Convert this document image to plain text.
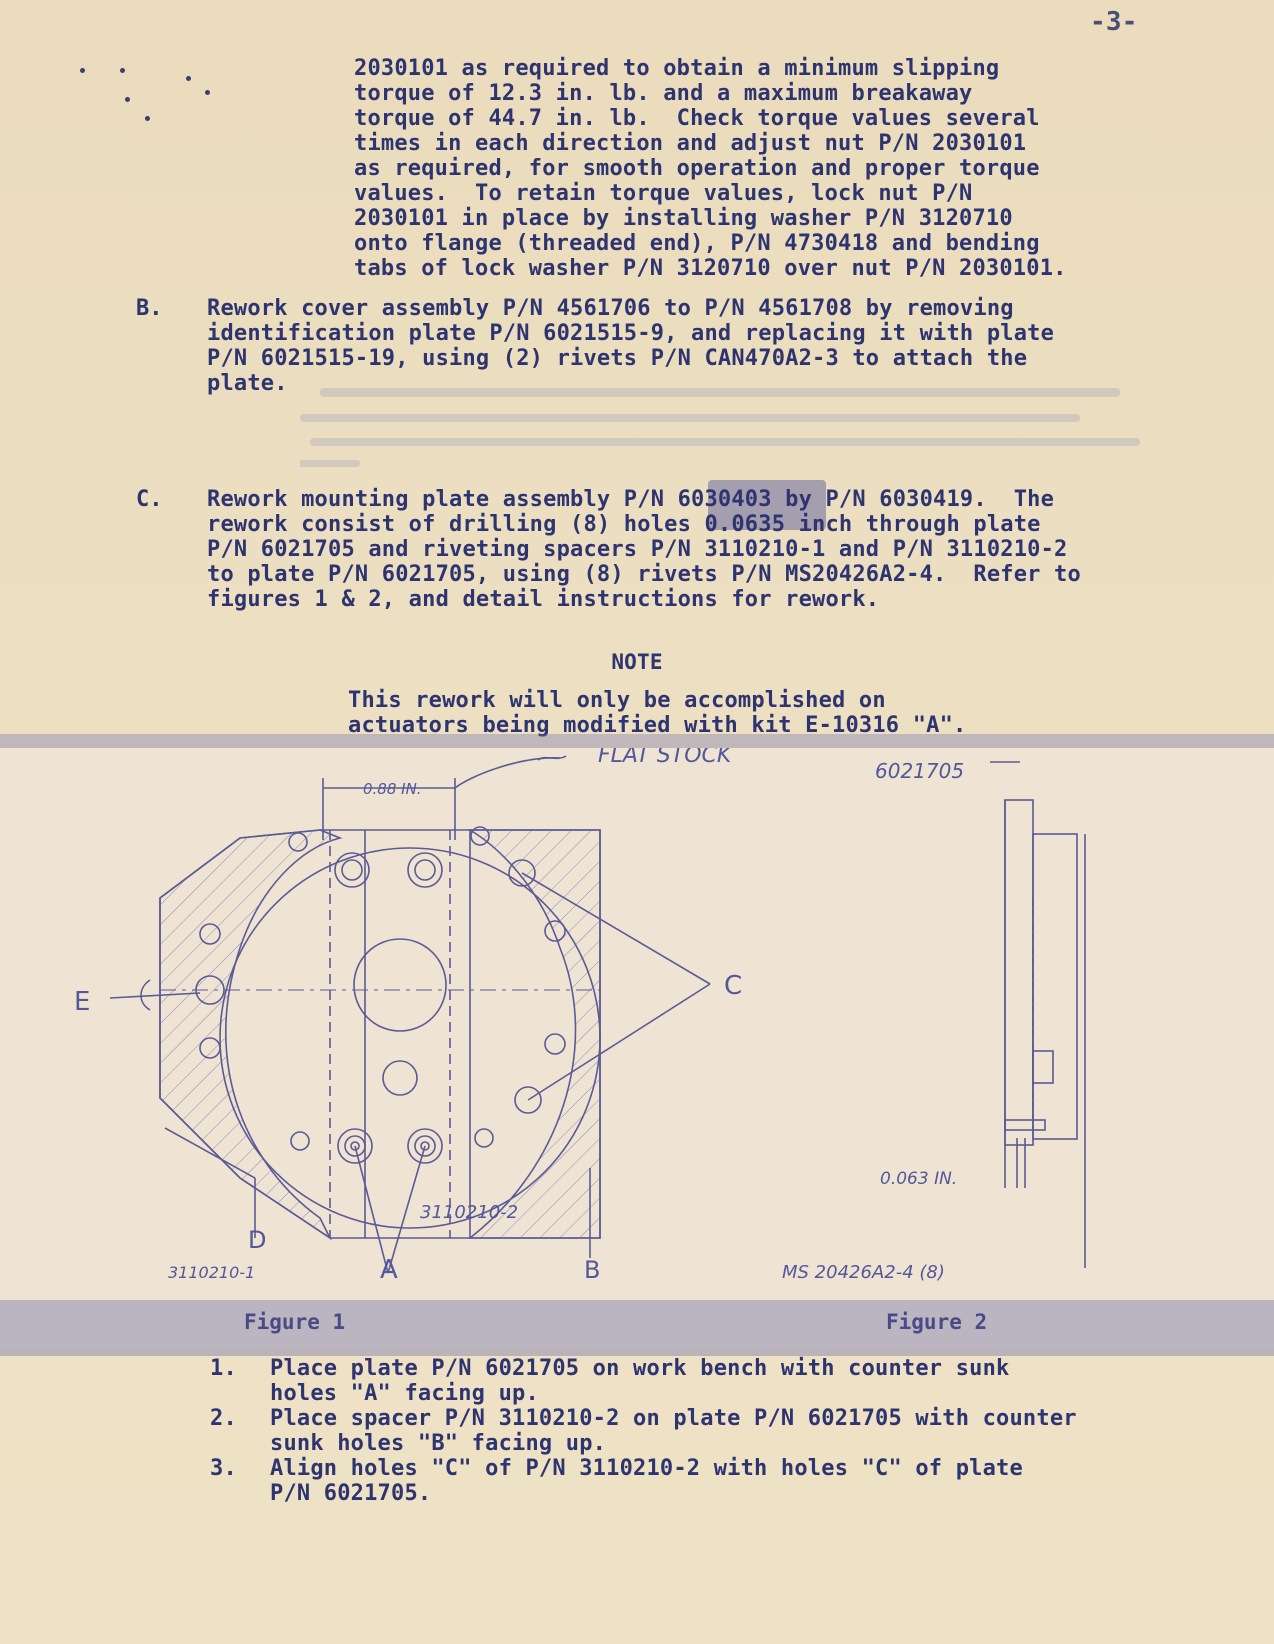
-3-

2030101 as required to obtain a minimum slipping

torque of 12.3 in. lb. and a maximum breakaway

torque of 44.7 in. lb.  Check torque values several

times in each direction and adjust nut P/N 2030101

as required, for smooth operation and proper torque

values.  To retain torque values, lock nut P/N

2030101 in place by installing washer P/N 3120710

onto flange (threaded end), P/N 4730418 and bending

tabs of lock washer P/N 3120710 over nut P/N 2030101.

B. Rework cover assembly P/N 4561706 to P/N 4561708 by removing

identification plate P/N 6021515-9, and replacing it with plate

P/N 6021515-19, using (2) rivets P/N CAN470A2-3 to attach the

plate.

C. Rework mounting plate assembly P/N 6030403 by P/N 6030419.  The

rework consist of drilling (8) holes 0.0635 inch through plate

P/N 6021705 and riveting spacers P/N 3110210-1 and P/N 3110210-2

to plate P/N 6021705, using (8) rivets P/N MS20426A2-4.  Refer to

figures 1 & 2, and detail instructions for rework.

NOTE

This rework will only be accomplished on

actuators being modified with kit E-10316 "A".

FLAT STOCK
0.88 IN.
6021705
E
C
D
A	B
3110210-2
3110210-1
0.063 IN.
MS 20426A2-4 (8)
Figure 1	Figure 2
1. Place plate P/N 6021705 on work bench with counter sunk
holes "A" facing up.
2. Place spacer P/N 3110210-2 on plate P/N 6021705 with counter
sunk holes "B" facing up.
3. Align holes "C" of P/N 3110210-2 with holes "C" of plate
P/N 6021705.
